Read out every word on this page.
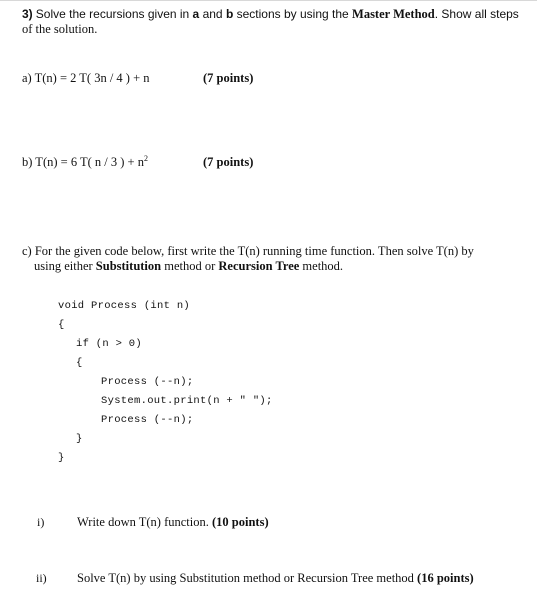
3) Solve the recursions given in a and b sections by using the Master Method. Show all steps
of the solution.
a) T(n) = 2 T( 3n / 4 ) + n	(7 points)
b) T(n) = 6 T( n / 3 ) + $n^2$	(7 points)
c) For the given code below, first write the T(n) running time function. Then solve T(n) by
using either Substitution method or Recursion Tree method.
void Process (int n)
{
if (n > 0)
{
Process (--n);
System.out.print(n + " ");
Process (--n);
}
}
i)	Write down T(n) function. (10 points)
ii) Solve T(n) by using Substitution method or Recursion Tree method (16 points)
